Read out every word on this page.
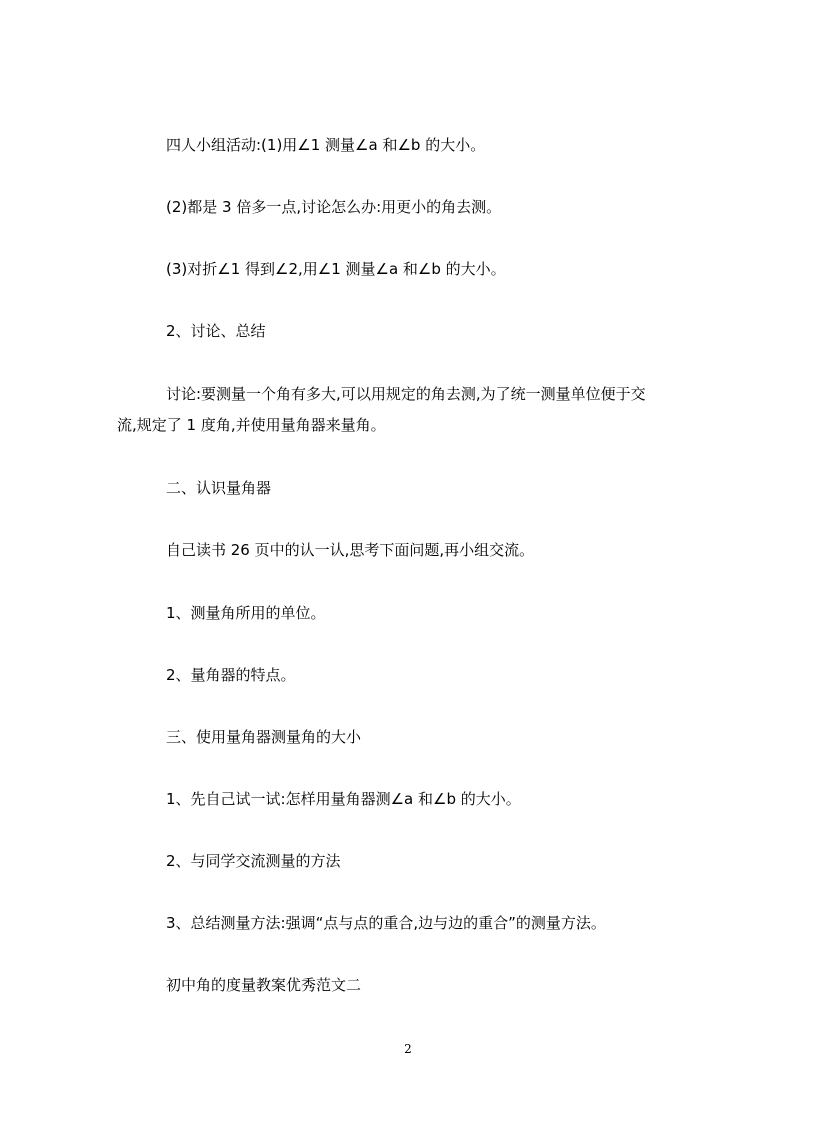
四人小组活动:(1)用∠1 测量∠a 和∠b 的大小。
(2)都是 3 倍多一点,讨论怎么办:用更小的角去测。
(3)对折∠1 得到∠2,用∠1 测量∠a 和∠b 的大小。
2、讨论、总结
讨论:要测量一个角有多大,可以用规定的角去测,为了统一测量单位便于交
流,规定了 1 度角,并使用量角器来量角。
二、认识量角器
自己读书 26 页中的认一认,思考下面问题,再小组交流。
1、测量角所用的单位。
2、量角器的特点。
三、使用量角器测量角的大小
1、先自己试一试:怎样用量角器测∠a 和∠b 的大小。
2、与同学交流测量的方法
3、总结测量方法:强调“点与点的重合,边与边的重合”的测量方法。
初中角的度量教案优秀范文二
2
